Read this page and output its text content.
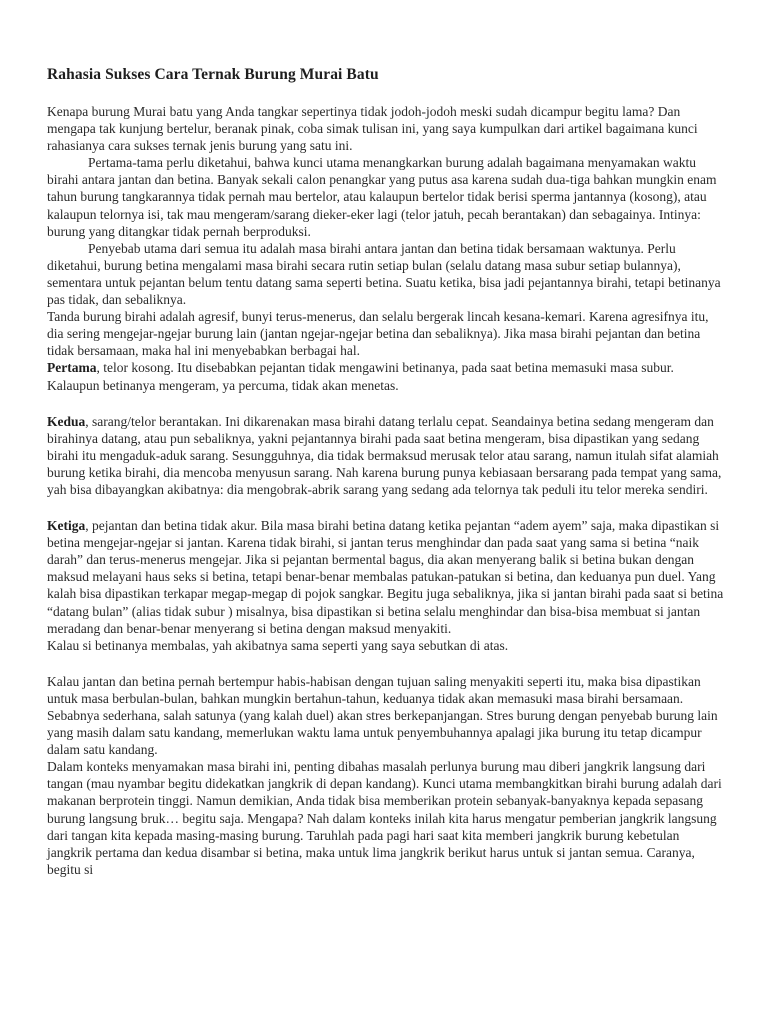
Rahasia Sukses Cara Ternak Burung Murai Batu

Kenapa burung Murai batu yang Anda tangkar sepertinya tidak jodoh-jodoh meski sudah dicampur begitu lama? Dan mengapa tak kunjung bertelur, beranak pinak, coba simak tulisan ini, yang saya kumpulkan dari artikel bagaimana kunci rahasianya cara sukses ternak jenis burung yang satu ini.

Pertama-tama perlu diketahui, bahwa kunci utama menangkarkan burung adalah bagaimana menyamakan waktu birahi antara jantan dan betina. Banyak sekali calon penangkar yang putus asa karena sudah dua-tiga bahkan mungkin enam tahun burung tangkarannya tidak pernah mau bertelor, atau kalaupun bertelor tidak berisi sperma jantannya (kosong), atau kalaupun telornya isi, tak mau mengeram/sarang dieker-eker lagi (telor jatuh, pecah berantakan) dan sebagainya. Intinya: burung yang ditangkar tidak pernah berproduksi.

Penyebab utama dari semua itu adalah masa birahi antara jantan dan betina tidak bersamaan waktunya. Perlu diketahui, burung betina mengalami masa birahi secara rutin setiap bulan (selalu datang masa subur setiap bulannya), sementara untuk pejantan belum tentu datang sama seperti betina. Suatu ketika, bisa jadi pejantannya birahi, tetapi betinanya pas tidak, dan sebaliknya.

Tanda burung birahi adalah agresif, bunyi terus-menerus, dan selalu bergerak lincah kesana-kemari. Karena agresifnya itu, dia sering mengejar-ngejar burung lain (jantan ngejar-ngejar betina dan sebaliknya). Jika masa birahi pejantan dan betina tidak bersamaan, maka hal ini menyebabkan berbagai hal.

Pertama, telor kosong. Itu disebabkan pejantan tidak mengawini betinanya, pada saat betina memasuki masa subur. Kalaupun betinanya mengeram, ya percuma, tidak akan menetas.

Kedua, sarang/telor berantakan. Ini dikarenakan masa birahi datang terlalu cepat. Seandainya betina sedang mengeram dan birahinya datang, atau pun sebaliknya, yakni pejantannya birahi pada saat betina mengeram, bisa dipastikan yang sedang birahi itu mengaduk-aduk sarang. Sesungguhnya, dia tidak bermaksud merusak telor atau sarang, namun itulah sifat alamiah burung ketika birahi, dia mencoba menyusun sarang. Nah karena burung punya kebiasaan bersarang pada tempat yang sama, yah bisa dibayangkan akibatnya: dia mengobrak-abrik sarang yang sedang ada telornya tak peduli itu telor mereka sendiri.

Ketiga, pejantan dan betina tidak akur. Bila masa birahi betina datang ketika pejantan “adem ayem” saja, maka dipastikan si betina mengejar-ngejar si jantan. Karena tidak birahi, si jantan terus menghindar dan pada saat yang sama si betina “naik darah” dan terus-menerus mengejar. Jika si pejantan bermental bagus, dia akan menyerang balik si betina bukan dengan maksud melayani haus seks si betina, tetapi benar-benar membalas patukan-patukan si betina, dan keduanya pun duel. Yang kalah bisa dipastikan terkapar megap-megap di pojok sangkar. Begitu juga sebaliknya, jika si jantan birahi pada saat si betina “datang bulan” (alias tidak subur ) misalnya, bisa dipastikan si betina selalu menghindar dan bisa-bisa membuat si jantan meradang dan benar-benar menyerang si betina dengan maksud menyakiti.

Kalau si betinanya membalas, yah akibatnya sama seperti yang saya sebutkan di atas.

Kalau jantan dan betina pernah bertempur habis-habisan dengan tujuan saling menyakiti seperti itu, maka bisa dipastikan untuk masa berbulan-bulan, bahkan mungkin bertahun-tahun, keduanya tidak akan memasuki masa birahi bersamaan.

Sebabnya sederhana, salah satunya (yang kalah duel) akan stres berkepanjangan. Stres burung dengan penyebab burung lain yang masih dalam satu kandang, memerlukan waktu lama untuk penyembuhannya apalagi jika burung itu tetap dicampur dalam satu kandang.

Dalam konteks menyamakan masa birahi ini, penting dibahas masalah perlunya burung mau diberi jangkrik langsung dari tangan (mau nyambar begitu didekatkan jangkrik di depan kandang). Kunci utama membangkitkan birahi burung adalah dari makanan berprotein tinggi. Namun demikian, Anda tidak bisa memberikan protein sebanyak-banyaknya kepada sepasang burung langsung bruk… begitu saja. Mengapa? Nah dalam konteks inilah kita harus mengatur pemberian jangkrik langsung dari tangan kita kepada masing-masing burung. Taruhlah pada pagi hari saat kita memberi jangkrik burung kebetulan jangkrik pertama dan kedua disambar si betina, maka untuk lima jangkrik berikut harus untuk si jantan semua. Caranya, begitu si
